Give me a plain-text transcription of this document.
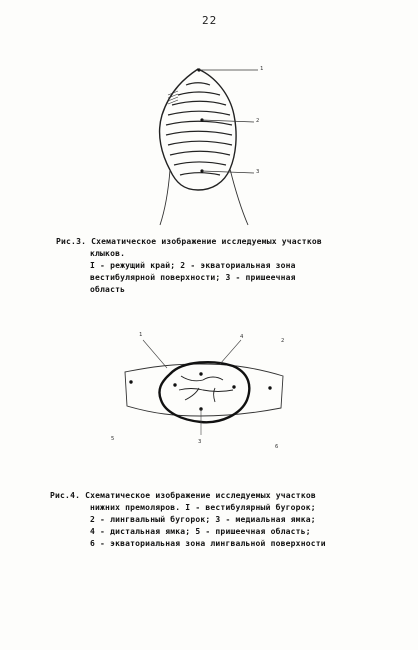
22
1
2
3
Рис.3. Схематическое изображение исследуемых участков
клыков.
I - режущий край; 2 - экваториальная зона
вестибулярной поверхности; 3 - пришеечная
область
1	4
2
5	3
6
Рис.4. Схематическое изображение исследуемых участков
нижних премоляров. I - вестибулярный бугорок;
2 - лингвальный бугорок; 3 - медиальная ямка;
4 - дистальная ямка; 5 - пришеечная область;
6 - экваториальная зона лингвальной поверхности
